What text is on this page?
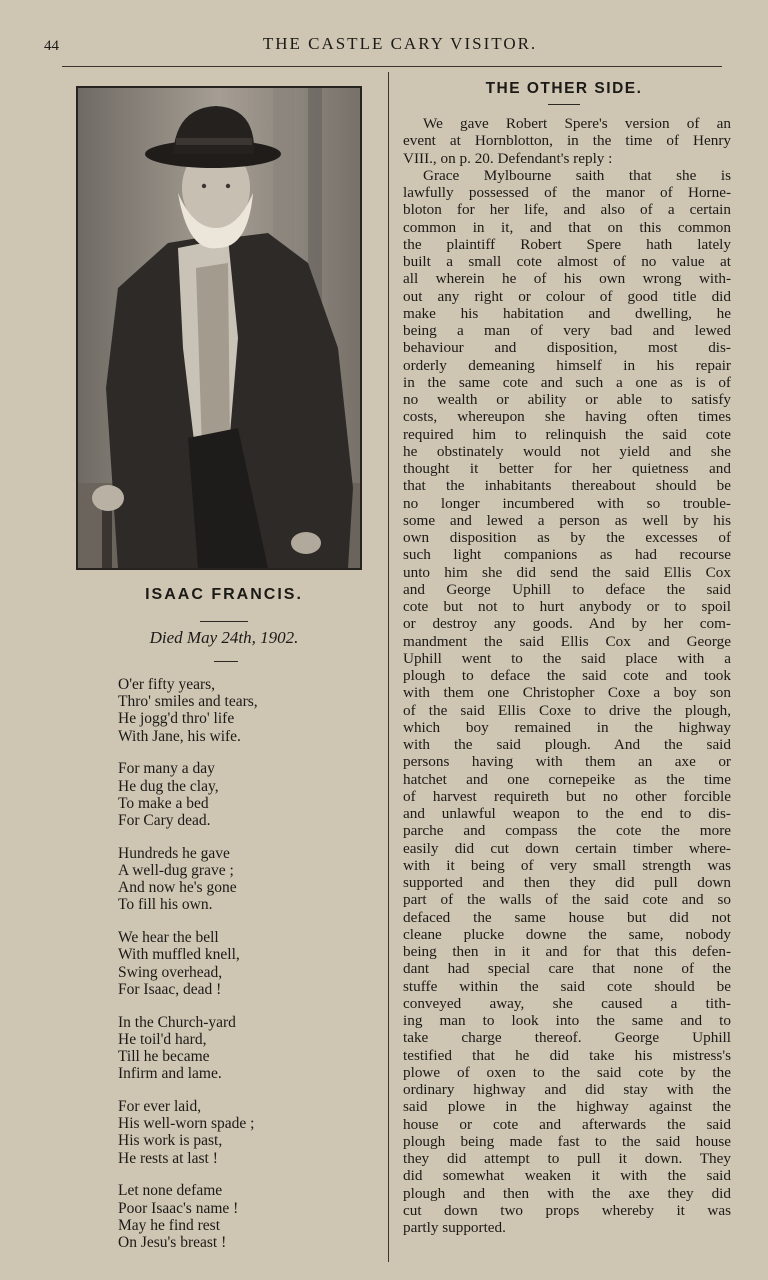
44	THE CASTLE CARY VISITOR.
ISAAC FRANCIS.
Died May 24th, 1902.
O'er fifty years,
Thro' smiles and tears,
He jogg'd thro' life
With Jane, his wife.
For many a day
He dug the clay,
To make a bed
For Cary dead.
Hundreds he gave
A well-dug grave ;
And now he's gone
To fill his own.
We hear the bell
With muffled knell,
Swing overhead,
For Isaac, dead !
In the Church-yard
He toil'd hard,
Till he became
Infirm and lame.
For ever laid,
His well-worn spade ;
His work is past,
He rests at last !
Let none defame
Poor Isaac's name !
May he find rest
On Jesu's breast !
THE OTHER SIDE.
We gave Robert Spere's version of an
event at Hornblotton, in the time of Henry
VIII., on p. 20. Defendant's reply :
Grace Mylbourne saith that she is
lawfully possessed of the manor of Horne-
bloton for her life, and also of a certain
common in it, and that on this common
the plaintiff Robert Spere hath lately
built a small cote almost of no value at
all wherein he of his own wrong with-
out any right or colour of good title did
make his habitation and dwelling, he
being a man of very bad and lewed
behaviour and disposition, most dis-
orderly demeaning himself in his repair
in the same cote and such a one as is of
no wealth or ability or able to satisfy
costs, whereupon she having often times
required him to relinquish the said cote
he obstinately would not yield and she
thought it better for her quietness and
that the inhabitants thereabout should be
no longer incumbered with so trouble-
some and lewed a person as well by his
own disposition as by the excesses of
such light companions as had recourse
unto him she did send the said Ellis Cox
and George Uphill to deface the said
cote but not to hurt anybody or to spoil
or destroy any goods. And by her com-
mandment the said Ellis Cox and George
Uphill went to the said place with a
plough to deface the said cote and took
with them one Christopher Coxe a boy son
of the said Ellis Coxe to drive the plough,
which boy remained in the highway
with the said plough. And the said
persons having with them an axe or
hatchet and one cornepeike as the time
of harvest requireth but no other forcible
and unlawful weapon to the end to dis-
parche and compass the cote the more
easily did cut down certain timber where-
with it being of very small strength was
supported and then they did pull down
part of the walls of the said cote and so
defaced the same house but did not
cleane plucke downe the same, nobody
being then in it and for that this defen-
dant had special care that none of the
stuffe within the said cote should be
conveyed away, she caused a tith-
ing man to look into the same and to
take charge thereof. George Uphill
testified that he did take his mistress's
plowe of oxen to the said cote by the
ordinary highway and did stay with the
said plowe in the highway against the
house or cote and afterwards the said
plough being made fast to the said house
they did attempt to pull it down. They
did somewhat weaken it with the said
plough and then with the axe they did
cut down two props whereby it was
partly supported.
